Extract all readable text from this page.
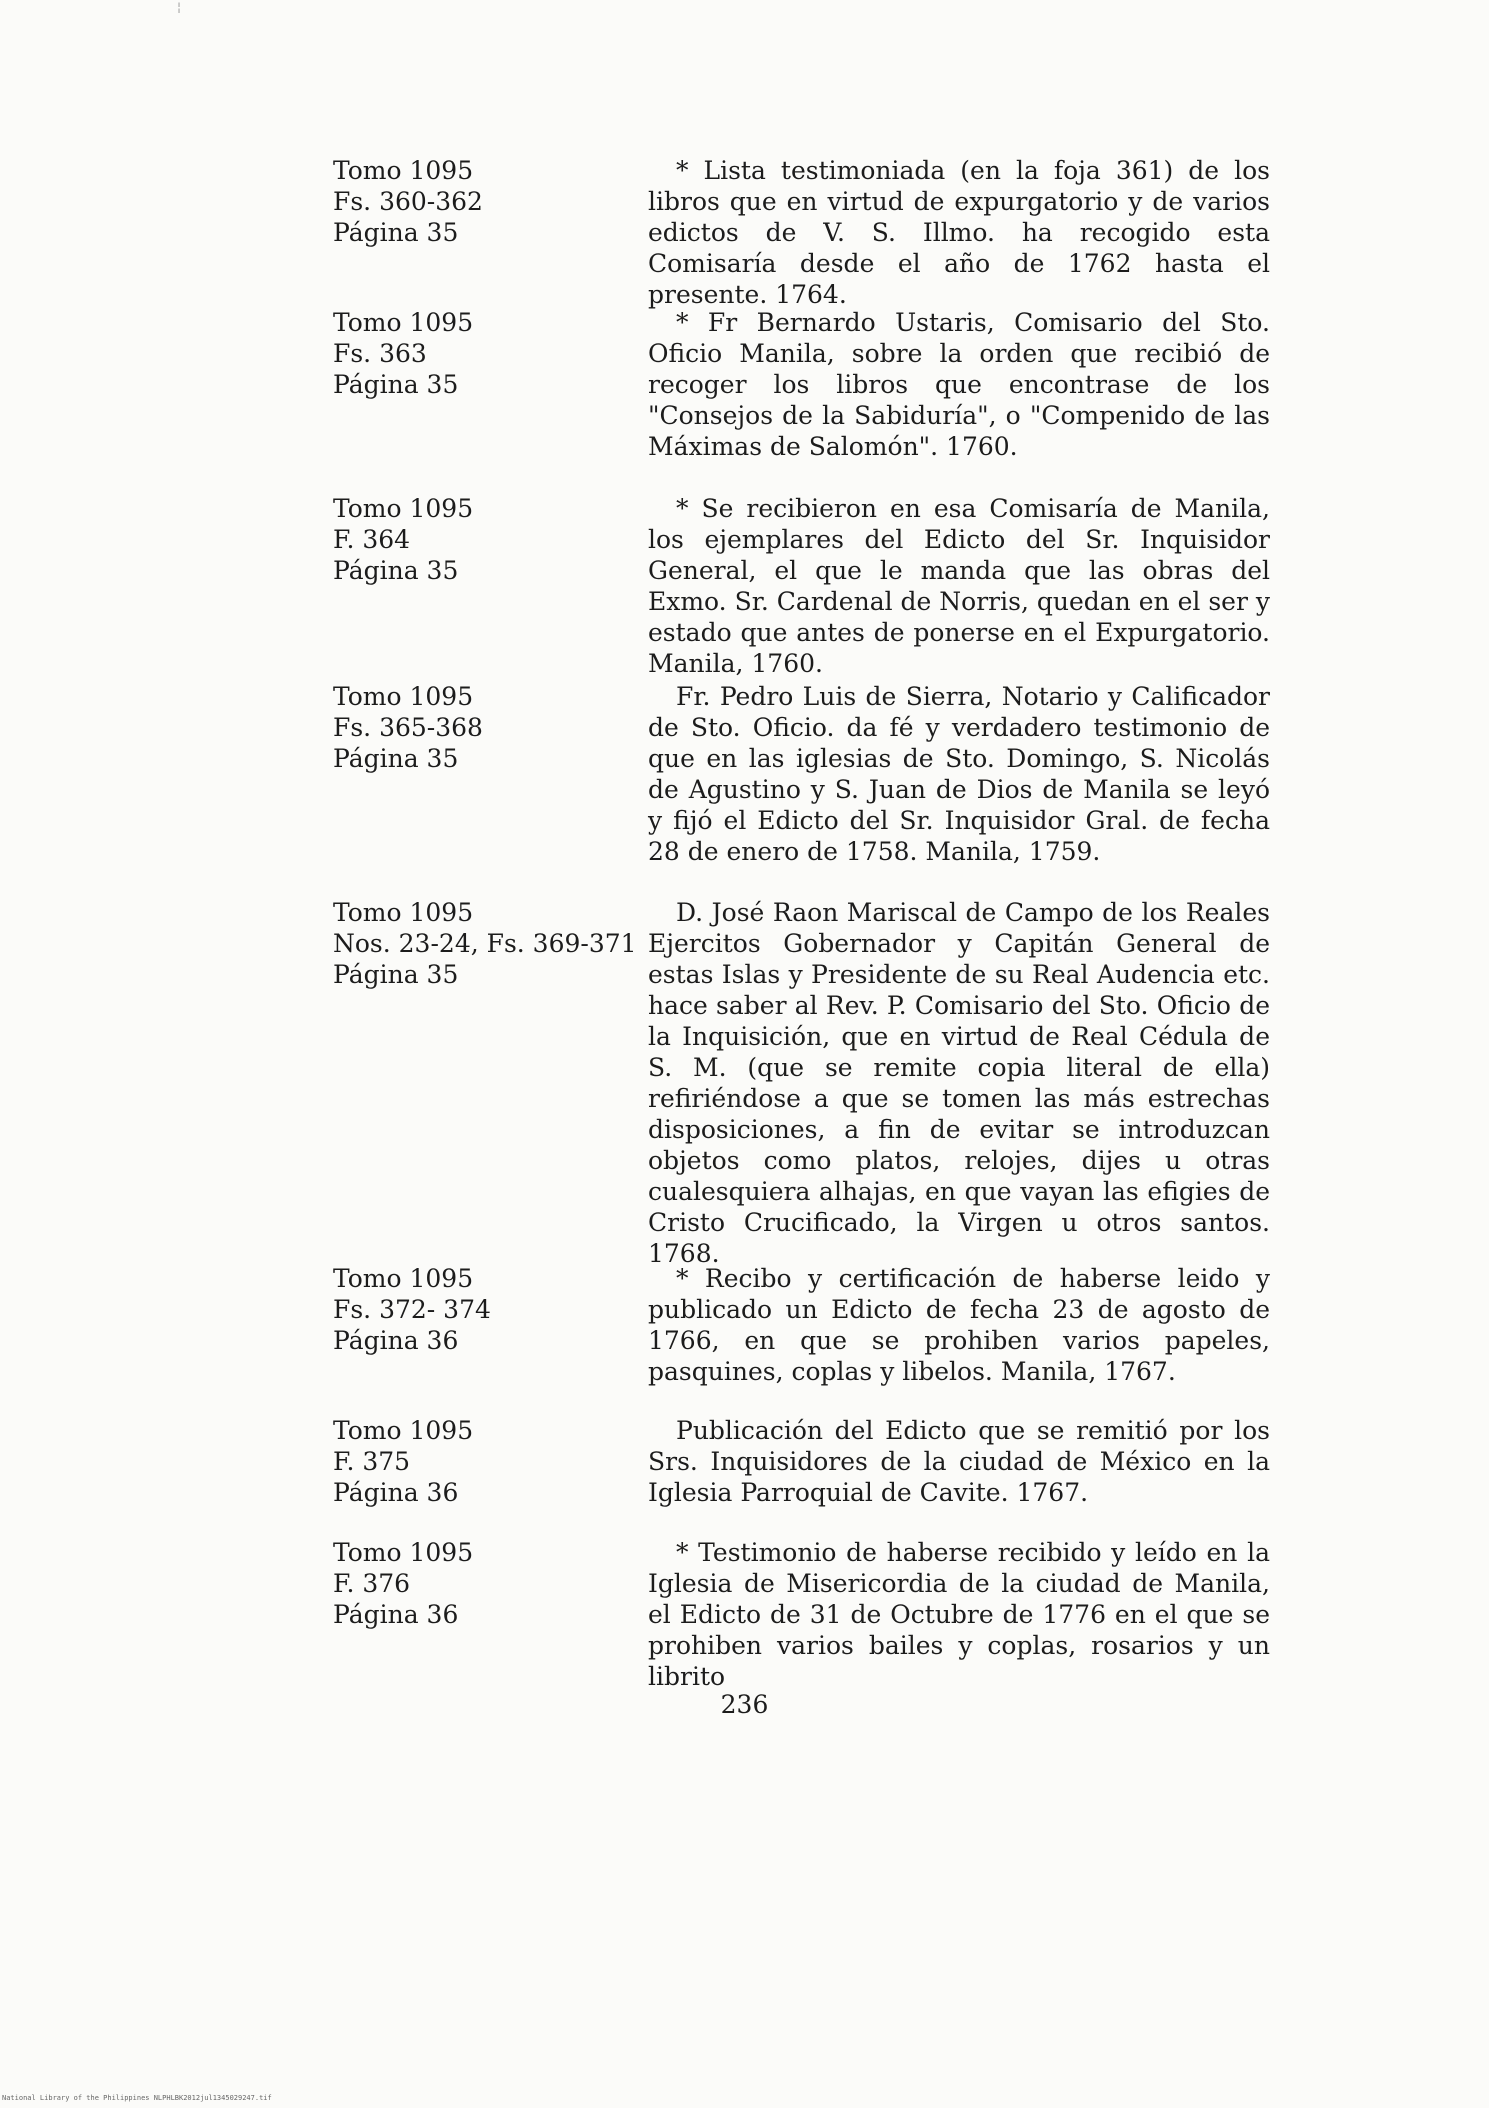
¦
Tomo 1095
Fs. 360-362
Página 35
* Lista testimoniada (en la foja 361) de los libros que en virtud de expurgatorio y de varios edictos de V. S. Illmo. ha recogido esta Comisaría desde el año de 1762 hasta el presente. 1764.
Tomo 1095
Fs. 363
Página 35
* Fr Bernardo Ustaris, Comisario del Sto. Oficio Manila, sobre la orden que recibió de recoger los libros que encontrase de los "Consejos de la Sabiduría", o "Compenido de las Máximas de Salomón". 1760.
Tomo 1095
F. 364
Página 35
* Se recibieron en esa Comisaría de Manila, los ejemplares del Edicto del Sr. Inquisidor General, el que le manda que las obras del Exmo. Sr. Cardenal de Norris, quedan en el ser y estado que antes de ponerse en el Expurgatorio. Manila, 1760.
Tomo 1095
Fs. 365-368
Página 35
Fr. Pedro Luis de Sierra, Notario y Calificador de Sto. Oficio. da fé y verdadero testimonio de que en las iglesias de Sto. Domingo, S. Nicolás de Agustino y S. Juan de Dios de Manila se leyó y fijó el Edicto del Sr. Inquisidor Gral. de fecha 28 de enero de 1758. Manila, 1759.
Tomo 1095
Nos. 23-24, Fs. 369-371
Página 35
D. José Raon Mariscal de Campo de los Reales Ejercitos Gobernador y Capitán General de estas Islas y Presidente de su Real Audencia etc. hace saber al Rev. P. Comisario del Sto. Oficio de la Inquisición, que en virtud de Real Cédula de S. M. (que se remite copia literal de ella) refiriéndose a que se tomen las más estrechas disposiciones, a fin de evitar se introduzcan objetos como platos, relojes, dijes u otras cualesquiera alhajas, en que vayan las efigies de Cristo Crucificado, la Virgen u otros santos. 1768.
Tomo 1095
Fs. 372- 374
Página 36
* Recibo y certificación de haberse leido y publicado un Edicto de fecha 23 de agosto de 1766, en que se prohiben varios papeles, pasquines, coplas y libelos. Manila, 1767.
Tomo 1095
F. 375
Página 36
Publicación del Edicto que se remitió por los Srs. Inquisidores de la ciudad de México en la Iglesia Parroquial de Cavite. 1767.
Tomo 1095
F. 376
Página 36
* Testimonio de haberse recibido y leído en la Iglesia de Misericordia de la ciudad de Manila, el Edicto de 31 de Octubre de 1776 en el que se prohiben varios bailes y coplas, rosarios y un librito
236
National Library of the Philippines NLPHLBK2012jul1345029247.tif
